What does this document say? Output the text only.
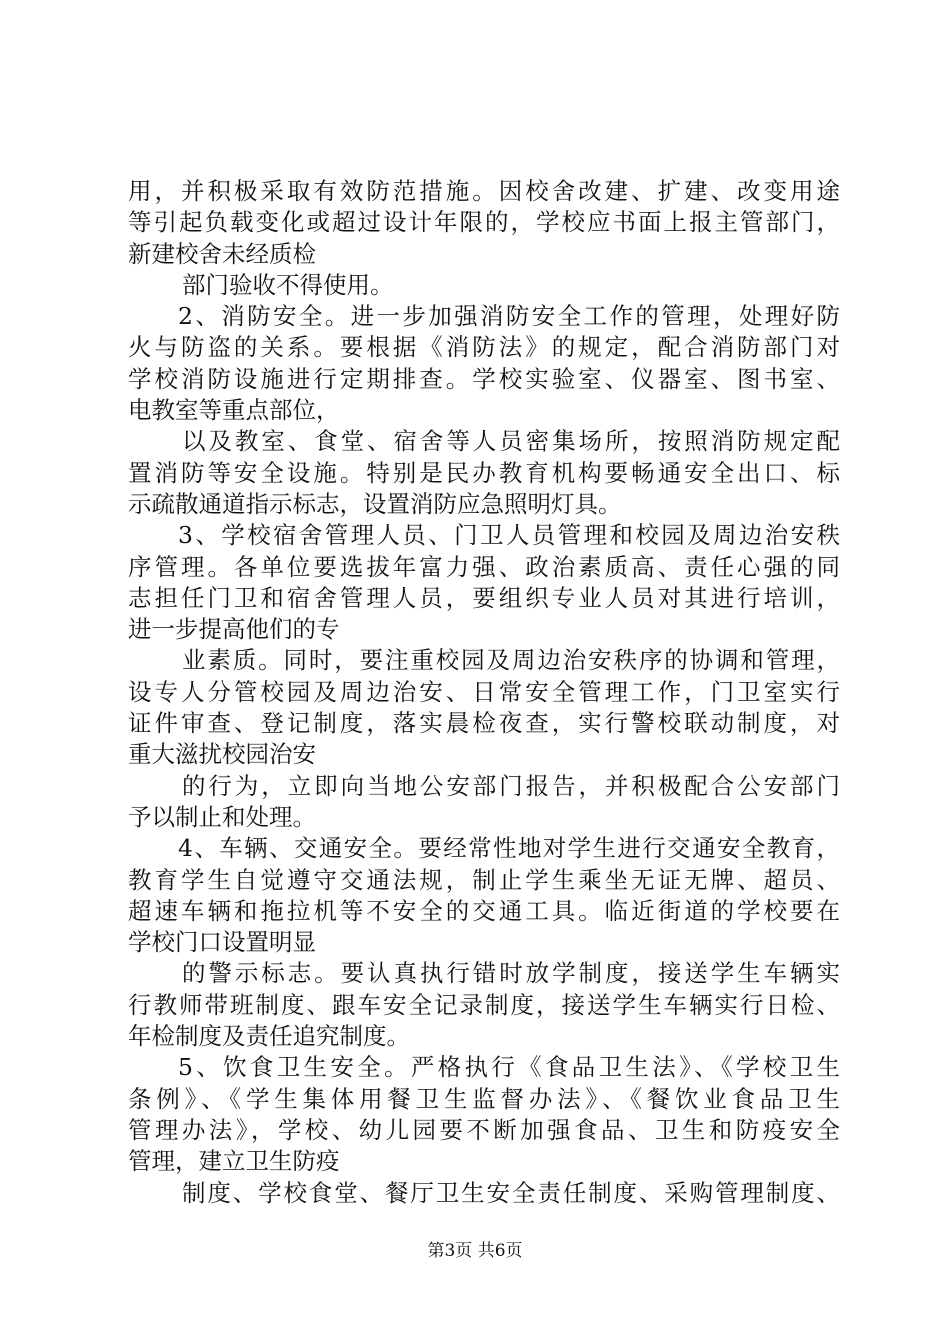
用，并积极采取有效防范措施。因校舍改建、扩建、改变用途
等引起负载变化或超过设计年限的，学校应书面上报主管部门，
新建校舍未经质检
部门验收不得使用。
2、消防安全。进一步加强消防安全工作的管理，处理好防
火与防盗的关系。要根据《消防法》的规定，配合消防部门对
学校消防设施进行定期排查。学校实验室、仪器室、图书室、
电教室等重点部位，
以及教室、食堂、宿舍等人员密集场所，按照消防规定配
置消防等安全设施。特别是民办教育机构要畅通安全出口、标
示疏散通道指示标志，设置消防应急照明灯具。
3、学校宿舍管理人员、门卫人员管理和校园及周边治安秩
序管理。各单位要选拔年富力强、政治素质高、责任心强的同
志担任门卫和宿舍管理人员，要组织专业人员对其进行培训，
进一步提高他们的专
业素质。同时，要注重校园及周边治安秩序的协调和管理，
设专人分管校园及周边治安、日常安全管理工作，门卫室实行
证件审查、登记制度，落实晨检夜查，实行警校联动制度，对
重大滋扰校园治安
的行为，立即向当地公安部门报告，并积极配合公安部门
予以制止和处理。
4、车辆、交通安全。要经常性地对学生进行交通安全教育，
教育学生自觉遵守交通法规，制止学生乘坐无证无牌、超员、
超速车辆和拖拉机等不安全的交通工具。临近街道的学校要在
学校门口设置明显
的警示标志。要认真执行错时放学制度，接送学生车辆实
行教师带班制度、跟车安全记录制度，接送学生车辆实行日检、
年检制度及责任追究制度。
5、饮食卫生安全。严格执行《食品卫生法》、《学校卫生
条例》、《学生集体用餐卫生监督办法》、《餐饮业食品卫生
管理办法》，学校、幼儿园要不断加强食品、卫生和防疫安全
管理，建立卫生防疫
制度、学校食堂、餐厅卫生安全责任制度、采购管理制度、
第3页 共6页
